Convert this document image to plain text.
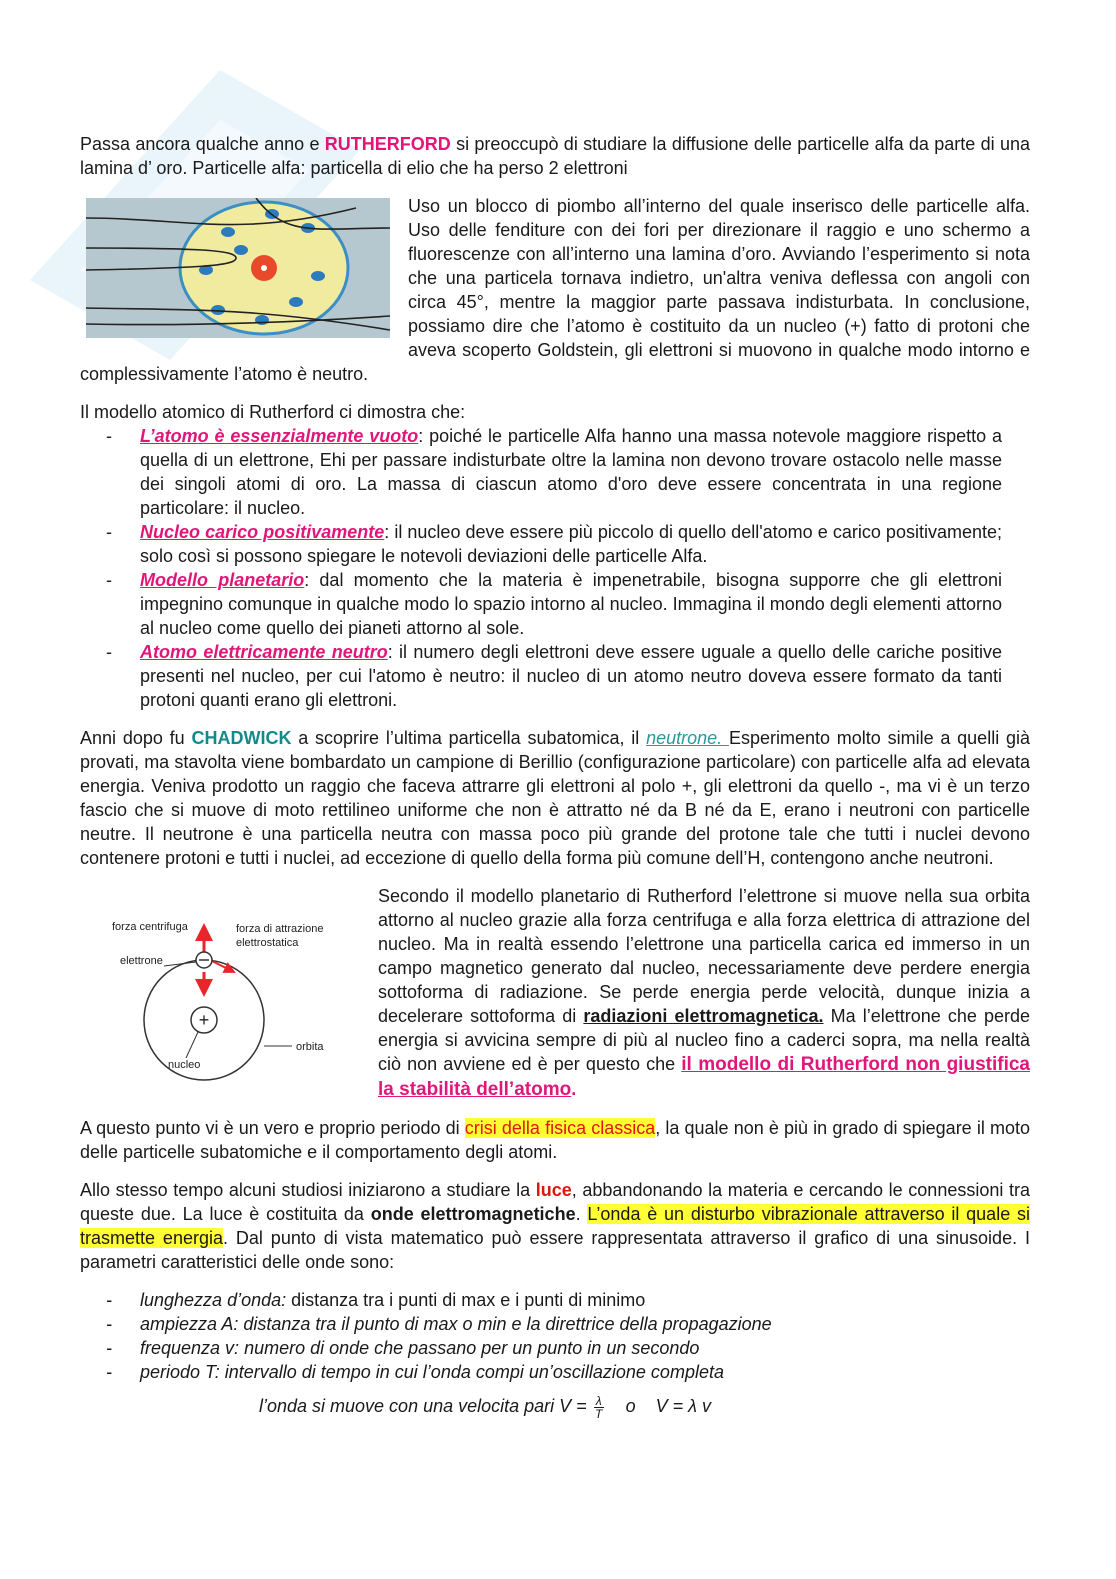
Passa ancora qualche anno e RUTHERFORD si preoccupò di studiare la diffusione delle particelle alfa da parte di una lamina d’ oro. Particelle alfa: particella di elio che ha perso 2 elettroni

Uso un blocco di piombo all’interno del quale inserisco delle particelle alfa. Uso delle fenditure con dei fori per direzionare il raggio e uno schermo a fluorescenze con all’interno una lamina d’oro. Avviando l’esperimento si nota che una particela tornava indietro, un'altra veniva deflessa con angoli con circa 45°, mentre la maggior parte passava indisturbata. In conclusione, possiamo dire che l’atomo è costituito da un nucleo (+) fatto di protoni che aveva scoperto Goldstein, gli elettroni si muovono in qualche modo intorno e complessivamente l’atomo è neutro.

Il modello atomico di Rutherford ci dimostra che:

- L’atomo è essenzialmente vuoto: poiché le particelle Alfa hanno una massa notevole maggiore rispetto a quella di un elettrone, Ehi per passare indisturbate oltre la lamina non devono trovare ostacolo nelle masse dei singoli atomi di oro. La massa di ciascun atomo d'oro deve essere concentrata in una regione particolare: il nucleo.
- Nucleo carico positivamente: il nucleo deve essere più piccolo di quello dell'atomo e carico positivamente; solo così si possono spiegare le notevoli deviazioni delle particelle Alfa.
- Modello planetario: dal momento che la materia è impenetrabile, bisogna supporre che gli elettroni impegnino comunque in qualche modo lo spazio intorno al nucleo. Immagina il mondo degli elementi attorno al nucleo come quello dei pianeti attorno al sole.
- Atomo elettricamente neutro: il numero degli elettroni deve essere uguale a quello delle cariche positive presenti nel nucleo, per cui l'atomo è neutro: il nucleo di un atomo neutro doveva essere formato da tanti protoni quanti erano gli elettroni.

Anni dopo fu CHADWICK a scoprire l’ultima particella subatomica, il neutrone. Esperimento molto simile a quelli già provati, ma stavolta viene bombardato un campione di Berillio (configurazione particolare) con particelle alfa ad elevata energia. Veniva prodotto un raggio che faceva attrarre gli elettroni al polo +, gli elettroni da quello -, ma vi è un terzo fascio che si muove di moto rettilineo uniforme che non è attratto né da B né da E, erano i neutroni con particelle neutre. Il neutrone è una particella neutra con massa poco più grande del protone tale che tutti i nuclei devono contenere protoni e tutti i nuclei, ad eccezione di quello della forma più comune dell’H, contengono anche neutroni.

+
forza centrifuga	forza di attrazione
elettrostatica
elettrone
nucleo
orbita

Secondo il modello planetario di Rutherford l’elettrone si muove nella sua orbita attorno al nucleo grazie alla forza centrifuga e alla forza elettrica di attrazione del nucleo. Ma in realtà essendo l’elettrone una particella carica ed immerso in un campo magnetico generato dal nucleo, necessariamente deve perdere energia sottoforma di radiazione. Se perde energia perde velocità, dunque inizia a decelerare sottoforma di radiazioni elettromagnetica. Ma l’elettrone che perde energia si avvicina sempre di più al nucleo fino a caderci sopra, ma nella realtà ciò non avviene ed è per questo che il modello di Rutherford non giustifica la stabilità dell’atomo.

A questo punto vi è un vero e proprio periodo di crisi della fisica classica, la quale non è più in grado di spiegare il moto delle particelle subatomiche e il comportamento degli atomi.

Allo stesso tempo alcuni studiosi iniziarono a studiare la luce, abbandonando la materia e cercando le connessioni tra queste due. La luce è costituita da onde elettromagnetiche. L’onda è un disturbo vibrazionale attraverso il quale si trasmette energia. Dal punto di vista matematico può essere rappresentata attraverso il grafico di una sinusoide. I parametri caratteristici delle onde sono:

- lunghezza d’onda: distanza tra i punti di max e i punti di minimo
- ampiezza A: distanza tra il punto di max o min e la direttrice della propagazione
- frequenza v: numero di onde che passano per un punto in un secondo
- periodo T: intervallo di tempo in cui l’onda compi un’oscillazione completa
l’onda si muove con una velocita pari $V = \frac{\lambda}{T}$ o    V = λ v
